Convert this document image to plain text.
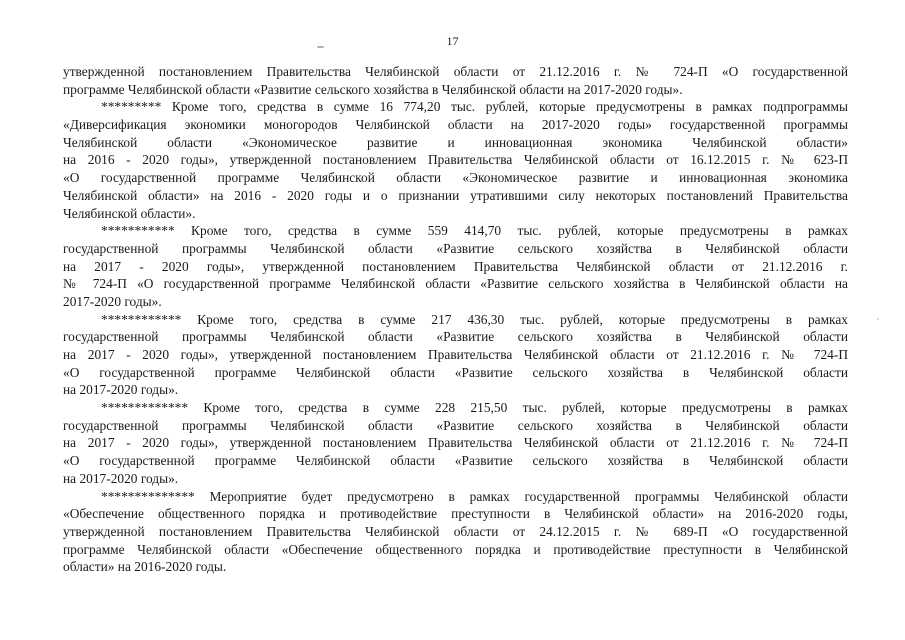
17
утвержденной постановлением Правительства Челябинской области от 21.12.2016 г. № 724-П «О государственной
программе Челябинской области «Развитие сельского хозяйства в Челябинской области на 2017-2020 годы».
********* Кроме того, средства в сумме 16 774,20 тыс. рублей, которые предусмотрены в рамках подпрограммы
«Диверсификация экономики моногородов Челябинской области на 2017-2020 годы» государственной программы
Челябинской области «Экономическое развитие и инновационная экономика Челябинской области»
на 2016 - 2020 годы», утвержденной постановлением Правительства Челябинской области от 16.12.2015 г. № 623-П
«О государственной программе Челябинской области «Экономическое развитие и инновационная экономика
Челябинской области» на 2016 - 2020 годы и о признании утратившими силу некоторых постановлений Правительства
Челябинской области».
*********** Кроме того, средства в сумме 559 414,70 тыс. рублей, которые предусмотрены в рамках
государственной программы Челябинской области «Развитие сельского хозяйства в Челябинской области
на 2017 - 2020 годы», утвержденной постановлением Правительства Челябинской области от 21.12.2016 г.
№ 724-П «О государственной программе Челябинской области «Развитие сельского хозяйства в Челябинской области на
2017-2020 годы».
************ Кроме того, средства в сумме 217 436,30 тыс. рублей, которые предусмотрены в рамках
государственной программы Челябинской области «Развитие сельского хозяйства в Челябинской области
на 2017 - 2020 годы», утвержденной постановлением Правительства Челябинской области от 21.12.2016 г. № 724-П
«О государственной программе Челябинской области «Развитие сельского хозяйства в Челябинской области
на 2017-2020 годы».
************* Кроме того, средства в сумме 228 215,50 тыс. рублей, которые предусмотрены в рамках
государственной программы Челябинской области «Развитие сельского хозяйства в Челябинской области
на 2017 - 2020 годы», утвержденной постановлением Правительства Челябинской области от 21.12.2016 г. № 724-П
«О государственной программе Челябинской области «Развитие сельского хозяйства в Челябинской области
на 2017-2020 годы».
************** Мероприятие будет предусмотрено в рамках государственной программы Челябинской области
«Обеспечение общественного порядка и противодействие преступности в Челябинской области» на 2016-2020 годы,
утвержденной постановлением Правительства Челябинской области от 24.12.2015 г. № 689-П «О государственной
программе Челябинской области «Обеспечение общественного порядка и противодействие преступности в Челябинской
области» на 2016-2020 годы.
